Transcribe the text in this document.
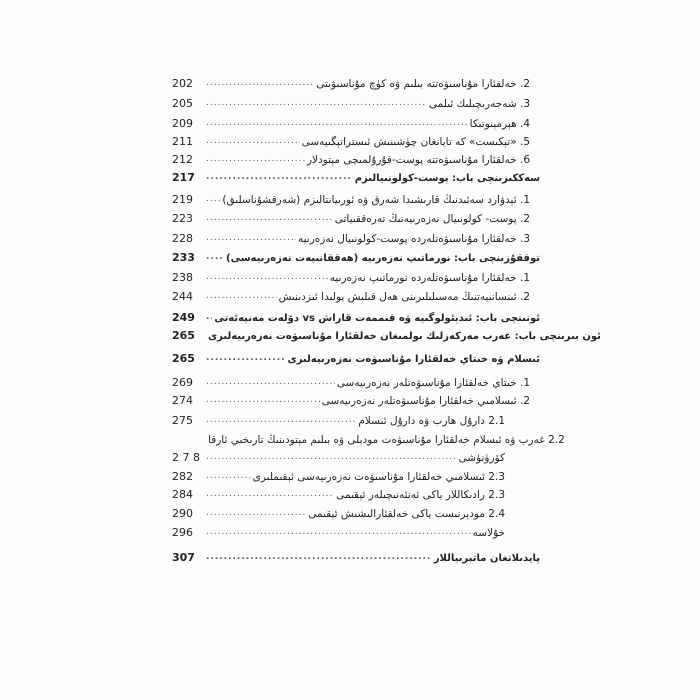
202 .....	2. خەلقئارا مۇناسىۋەتتە بىلىم ۋە كۈچ مۇناسىۋىتى
205 .....	3. شەجەرىچىلىك ئىلمى
209 .....	4. ھېرمېنوتىكا
211 .....	5. «تېكىست» كە تايانغان چۈشىنىش ئىستراتېگىيەسى
212 .....	6. خەلقئارا مۇناسىۋەتتە پوست-قۇرۇلمىچى مېتودلار
217 .....	سەككىزىنچى باب: پوست-كولونىيالىزم
219 .....	1. ئېدۋارد سەئىدنىڭ قارىشىدا شەرق ۋە ئورىيانتالىزم (شەرقشۇناسلىق)
223 .....	2. پوست- كولونىيال نەزەرىيەنىڭ تەرەققىياتى
228 .....	3. خەلقئارا مۇناسىۋەتلەردە پوست-كولونىيال نەزەرىيە
233 .....	توققۇزىنچى باب: نورماتىپ نەزەرىيە (ھەققانىيەت نەزەرىيەسى)
238 .....	1. خەلقئارا مۇناسىۋەتلەردە نورماتىپ نەزەرىيە
244 .....	2. ئىنسانىيەتنىڭ مەسىلىلىرىنى ھەل قىلىش يولىدا ئىزدىنىش
249 .....	ئونىنچى باب: ئىدېئولوگىيە ۋە قىممەت قاراش vs دۆلەت مەنپەئەتى
265	ئون بىرىنچى باب: غەرب مەركەزلىك بولمىغان خەلقئارا مۇناسىۋەت نەزەرىيەلىرى
265 .....	ئىسلام ۋە خىتاي خەلقئارا مۇناسىۋەت نەزەرىيەلىرى
269 .....	1. خىتاي خەلقئارا مۇناسىۋەتلەر نەزەرىيەسى
274 .....	2. ئىسلامىي خەلقئارا مۇناسىۋەتلەر نەزەرىيەسى
275 .....	2.1 دارۇل ھارب ۋە دارۇل ئىسلام
2.2 غەرب ۋە ئىسلام خەلقئارا مۇناسىۋەت مودېلى ۋە بىلىم مېتودىنىڭ تارىخىي ئارقا
2 7 8 .....	كۆرۈنۈشى
282 .....	2.3 ئىسلامىي خەلقئارا مۇناسىۋەت نەزەرىيەسى ئېقىملىرى
284 .....	2.3 رادىكاللار ياكى ئەنئەنىچىلەر ئېقىمى
290 .....	2.4 مودېرنىست ياكى خەلقئارالىشىش ئېقىمى
296 .....	خۇلاسە
307 .....	پايدىلانغان ماتېرىياللار
